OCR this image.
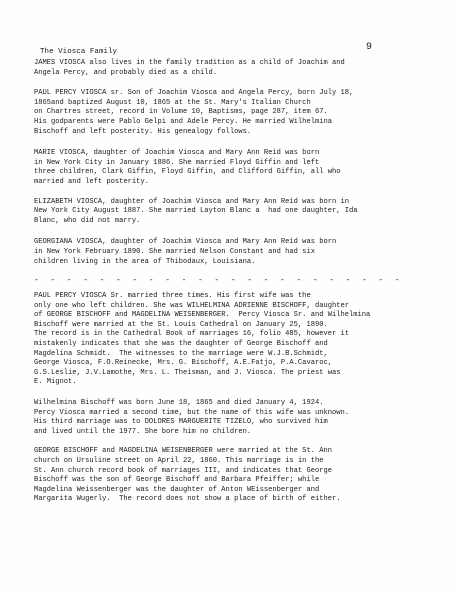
The Viosca Family	9

JAMES VIOSCA also lives in the family tradition as a child of Joachim and
Angela Percy, and probably died as a child.

PAUL PERCY VIOSCA sr. Son of Joachim Viosca and Angela Percy, born July 18,
1865and baptized August 10, 1865 at the St. Mary's Italian Church
on Chartres street, record in Volume 10, Baptisms, page 287, item 67.
His godparents were Pablo Gelpi and Adele Percy. He married Wilhelmina
Bischoff and left posterity. His genealogy follows.

MARIE VIOSCA, daughter of Joachim Viosca and Mary Ann Reid was born
in New York City in January 1886. She married Floyd Giffin and left
three children, Clark Giffin, Floyd Giffin, and Clifford Giffin, all who
married and left posterity.

ELIZABETH VIOSCA, daughter of Joachim Viosca and Mary Ann Reid was born in
New York City August 1887. She married Layton Blanc a  had one daughter, Ida
Blanc, who did not marry.

GEORGIANA VIOSCA, daughter of Joachim Viosca and Mary Ann Reid was born
in New York February 1890. She married Nelson Constant and had six
children living in the area of Thibodaux, Louisiana.

- - - - - - - - - - - - - - - - - - - - - - -

PAUL PERCY VIOSCA Sr. married three times. His first wife was the
only one who left children. She was WILHELMINA ADRIENNE BISCHOFF, daughter
of GEORGE BISCHOFF and MAGDELINA WEISENBERGER.  Percy Viosca Sr. and Wilhelmina
Bischoff were married at the St. Louis Cathedral on January 25, 1890.
The record is in the Cathedral Book of marriages 16, folio 485, however it
mistakenly indicates that she was the daughter of George Bischoff and
Magdelina Schmidt.  The witnesses to the marriage were W.J.B.Schmidt,
George Viosca, F.O.Reinecke, Mrs. G. Bischoff, A.E.Fatjo, P.A.Cavaroc,
G.S.Leslie, J.V.Lamothe, Mrs. L. Theisman, and J. Viosca. The priest was
E. Mignot.

Wilhelmina Bischoff was born June 18, 1865 and died January 4, 1924.
Percy Viosca married a second time, but the name of this wife was unknown.
His third marriage was to DOLORES MARGUERITE TIZELO, who survived him
and lived until the 1977. She bore him no children.

GEORGE BISCHOFF and MAGDELINA WEISENBERGER were married at the St. Ann
church on Ursuline street on April 22, 1860. This marriage is in the
St. Ann church record book of marriages III, and indicates that George
Bischoff was the son of George Bischoff and Barbara Pfeiffer; while
Magdelina Weissenberger was the daughter of Anton WEissenberger and
Margarita Wugerly.  The record does not show a place of birth of either.
